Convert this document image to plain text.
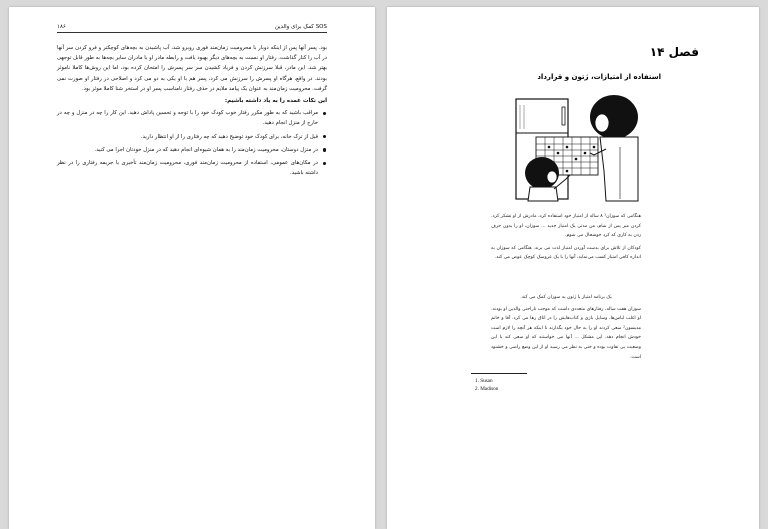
۱۸۶	SOS کمک برای والدین

بود. پسر آنها پس از اینکه دوبار با محرومیت زمان‌مند فوری روبرو شد، آب پاشیدن به بچه‌های کوچکتر و فرو کردن سر آنها در آب را کنار گذاشت. رفتار او نسبت به بچه‌های دیگر بهبود یافت و رابطه مادر او با مادران سایر بچه‌ها به طور قابل توجهی بهتر شد. این مادر، قبلا سرزنش کردن و فریاد کشیدن سر سر پسرش را امتحان کرده بود، اما این روش‌ها کاملا ناموثر بودند. در واقع، هرگاه او پسرش را سرزنش می کرد، پسر هم با او یکی به دو می کرد و اصلاحی در رفتار او صورت نمی گرفت. محرومیت زمان‌مند به عنوان یک پیامد ملایم در حذف رفتار نامناسب پسر او در استخر شنا کاملا موثر بود.

این نکات عمده را به یاد داشته باشیم:
مراقب باشید که به طور مکرر رفتار خوب کودک خود را با توجه و تحسین پاداش دهید. این کار را چه در منزل و چه در خارج از منزل انجام دهید.
قبل از ترک خانه، برای کودک خود توضیح دهید که چه رفتاری را از او انتظار دارید.
در منزل دوستان، محرومیت زمان‌مند را به همان شیوه‌ای انجام دهید که در منزل خودتان اجرا می کنید.
در مکان‌های عمومی، استفاده از محرومیت زمان‌مند فوری، محرومیت زمان‌مند تأخیری یا جریمه رفتاری را در نظر داشته باشید.
فصل ۱۴
استفاده از امتیازات، ژتون و قرارداد

هنگامی که سوزان¹ ۸ ساله از امتیاز خود استفاده کرد، مادرش از او تشکر کرد. کردن میز پس از شام، من مدتی یک امتیاز جدید ... سوزان، او را بدون حرف زدن به کاری که کرد خوشحال می شوم.

کودکان از تلاش برای بدست آوردن امتیاز لذت می برند. هنگامی که سوزان به اندازه کافی امتیاز کسب می‌نماید، آنها را با یک عروسک کوچک عوض می کند.

یک برنامه امتیاز یا ژتون به سوزان کمک می کند.

سوزان هفت ساله، رفتارهای متعددی داشت که موجب ناراحتی والدین او بودند. او اغلب لباس‌ها، وسایل بازی و کتاب‌هایش را در اتاق رها می کرد. آقا و خانم مدیسون² سعی کردند او را به حال خود بگذارند تا اینکه هر آنچه را لازم است خودش انجام دهد. این مشکل ... آنها می خواستند که او سعی کند با این وضعیت بی تفاوت بوده و حتی به نظر می رسید او از این وضع راضی و خشنود است.

1. Susan
2. Madison
